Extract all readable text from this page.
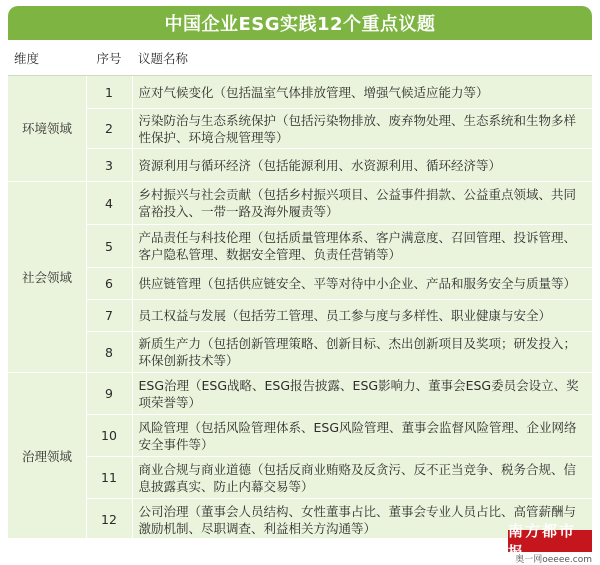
中国企业ESG实践12个重点议题
维度	序号	议题名称
环境领域	1	应对气候变化（包括温室气体排放管理、增强气候适应能力等）
	2	污染防治与生态系统保护（包括污染物排放、废弃物处理、生态系统和生物多样性保护、环境合规管理等）
	3	资源利用与循环经济（包括能源利用、水资源利用、循环经济等）
社会领域	4	乡村振兴与社会贡献（包括乡村振兴项目、公益事件捐款、公益重点领域、共同富裕投入、一带一路及海外履责等）
	5	产品责任与科技伦理（包括质量管理体系、客户满意度、召回管理、投诉管理、客户隐私管理、数据安全管理、负责任营销等）
	6	供应链管理（包括供应链安全、平等对待中小企业、产品和服务安全与质量等）
	7	员工权益与发展（包括劳工管理、员工参与度与多样性、职业健康与安全）
	8	新质生产力（包括创新管理策略、创新目标、杰出创新项目及奖项；研发投入；环保创新技术等）
治理领域	9	ESG治理（ESG战略、ESG报告披露、ESG影响力、董事会ESG委员会设立、奖项荣誉等）
	10	风险管理（包括风险管理体系、ESG风险管理、董事会监督风险管理、企业网络安全事件等）
	11	商业合规与商业道德（包括反商业贿赂及反贪污、反不正当竞争、税务合规、信息披露真实、防止内幕交易等）
	12	公司治理（董事会人员结构、女性董事占比、董事会专业人员占比、高管薪酬与激励机制、尽职调查、利益相关方沟通等）	南方都市报
奥一网oeeee.com
